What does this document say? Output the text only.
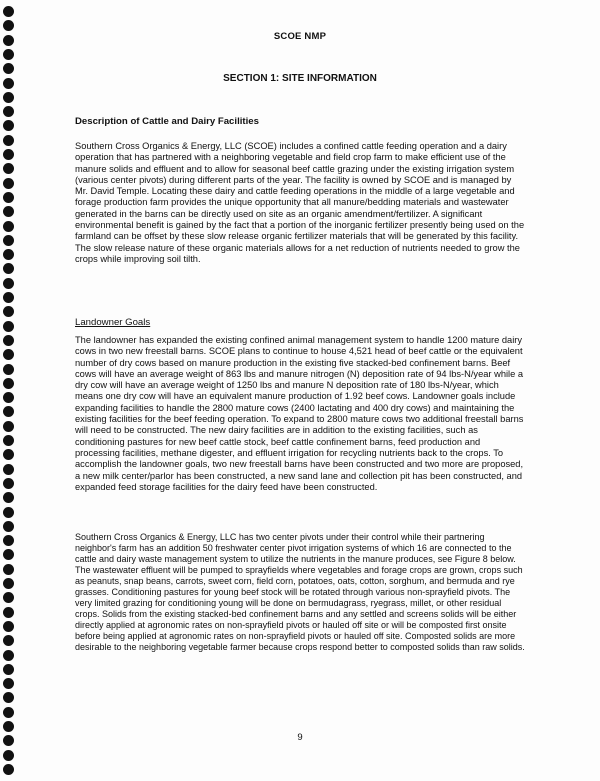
SCOE NMP
SECTION 1: SITE INFORMATION
Description of Cattle and Dairy Facilities
Southern Cross Organics & Energy, LLC (SCOE) includes a confined cattle feeding operation and a dairy operation that has partnered with a neighboring vegetable and field crop farm to make efficient use of the manure solids and effluent and to allow for seasonal beef cattle grazing under the existing irrigation system (various center pivots) during different parts of the year. The facility is owned by SCOE and is managed by Mr. David Temple. Locating these dairy and cattle feeding operations in the middle of a large vegetable and forage production farm provides the unique opportunity that all manure/bedding materials and wastewater generated in the barns can be directly used on site as an organic amendment/fertilizer. A significant environmental benefit is gained by the fact that a portion of the inorganic fertilizer presently being used on the farmland can be offset by these slow release organic fertilizer materials that will be generated by this facility. The slow release nature of these organic materials allows for a net reduction of nutrients needed to grow the crops while improving soil tilth.
Landowner Goals
The landowner has expanded the existing confined animal management system to handle 1200 mature dairy cows in two new freestall barns. SCOE plans to continue to house 4,521 head of beef cattle or the equivalent number of dry cows based on manure production in the existing five stacked-bed confinement barns. Beef cows will have an average weight of 863 lbs and manure nitrogen (N) deposition rate of 94 lbs-N/year while a dry cow will have an average weight of 1250 lbs and manure N deposition rate of 180 lbs-N/year, which means one dry cow will have an equivalent manure production of 1.92 beef cows. Landowner goals include expanding facilities to handle the 2800 mature cows (2400 lactating and 400 dry cows) and maintaining the existing facilities for the beef feeding operation. To expand to 2800 mature cows two additional freestall barns will need to be constructed. The new dairy facilities are in addition to the existing facilities, such as conditioning pastures for new beef cattle stock, beef cattle confinement barns, feed production and processing facilities, methane digester, and effluent irrigation for recycling nutrients back to the crops. To accomplish the landowner goals, two new freestall barns have been constructed and two more are proposed, a new milk center/parlor has been constructed, a new sand lane and collection pit has been constructed, and expanded feed storage facilities for the dairy feed have been constructed.
Southern Cross Organics & Energy, LLC has two center pivots under their control while their partnering neighbor's farm has an addition 50 freshwater center pivot irrigation systems of which 16 are connected to the cattle and dairy waste management system to utilize the nutrients in the manure produces, see Figure 8 below. The wastewater effluent will be pumped to sprayfields where vegetables and forage crops are grown, crops such as peanuts, snap beans, carrots, sweet corn, field corn, potatoes, oats, cotton, sorghum, and bermuda and rye grasses. Conditioning pastures for young beef stock will be rotated through various non-sprayfield pivots. The very limited grazing for conditioning young will be done on bermudagrass, ryegrass, millet, or other residual crops. Solids from the existing stacked-bed confinement barns and any settled and screens solids will be either directly applied at agronomic rates on non-sprayfield pivots or hauled off site or will be composted first onsite before being applied at agronomic rates on non-sprayfield pivots or hauled off site. Composted solids are more desirable to the neighboring vegetable farmer because crops respond better to composted solids than raw solids.
9
